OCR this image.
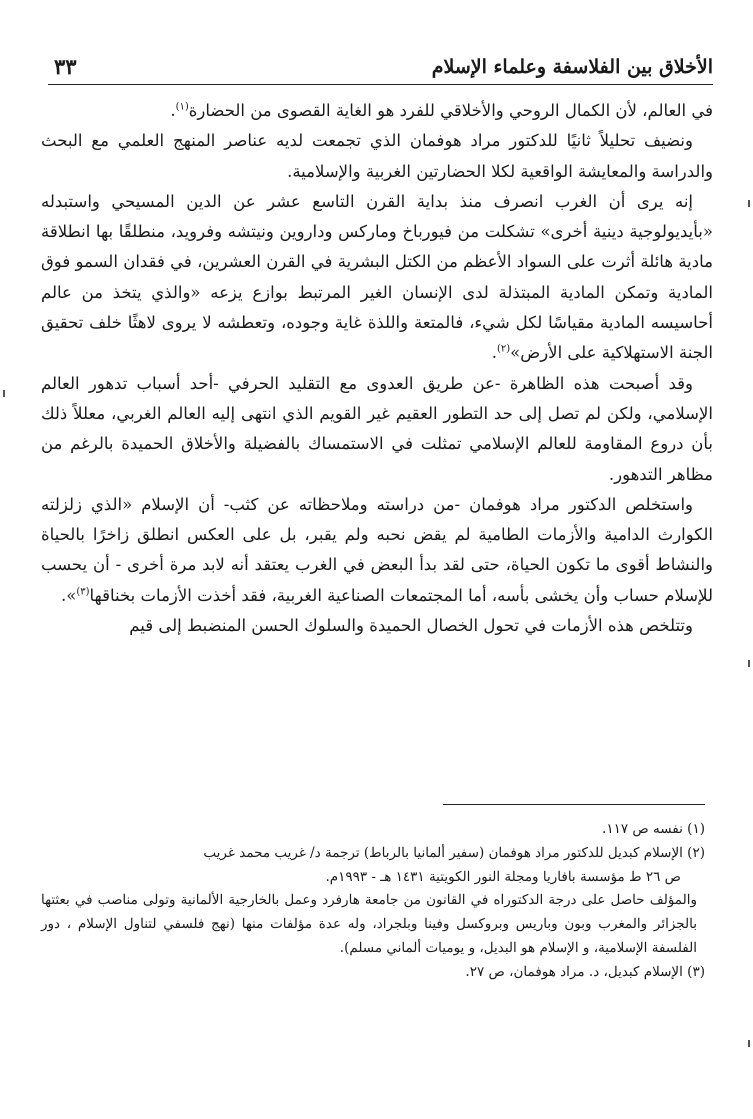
الأخلاق بين الفلاسفة وعلماء الإسلام
٣٣

في العالم، لأن الكمال الروحي والأخلاقي للفرد هو الغاية القصوى من الحضارة$^{(١)}$.

ونضيف تحليلاً ثانيًا للدكتور مراد هوفمان الذي تجمعت لديه عناصر المنهج العلمي مع البحث والدراسة والمعايشة الواقعية لكلا الحضارتين الغربية والإسلامية.

إنه يرى أن الغرب انصرف منذ بداية القرن التاسع عشر عن الدين المسيحي واستبدله «بأيديولوجية دينية أخرى» تشكلت من فيورباخ وماركس وداروين ونيتشه وفرويد، منطلقًا بها انطلاقة مادية هائلة أثرت على السواد الأعظم من الكتل البشرية في القرن العشرين، في فقدان السمو فوق المادية وتمكن المادية المبتذلة لدى الإنسان الغير المرتبط بوازع يزعه «والذي يتخذ من عالم أحاسيسه المادية مقياسًا لكل شيء، فالمتعة واللذة غاية وجوده، وتعطشه لا يروى لاهثًا خلف تحقيق الجنة الاستهلاكية على الأرض»$^{(٢)}$.

وقد أصبحت هذه الظاهرة -عن طريق العدوى مع التقليد الحرفي -أحد أسباب تدهور العالم الإسلامي، ولكن لم تصل إلى حد التطور العقيم غير القويم الذي انتهى إليه العالم الغربي، معللاً ذلك بأن دروع المقاومة للعالم الإسلامي تمثلت في الاستمساك بالفضيلة والأخلاق الحميدة بالرغم من مظاهر التدهور.

واستخلص الدكتور مراد هوفمان -من دراسته وملاحظاته عن كثب- أن الإسلام «الذي زلزلته الكوارث الدامية والأزمات الطامية لم يقض نحبه ولم يقبر، بل على العكس انطلق زاخرًا بالحياة والنشاط أقوى ما تكون الحياة، حتى لقد بدأ البعض في الغرب يعتقد أنه لابد مرة أخرى - أن يحسب للإسلام حساب وأن يخشى بأسه، أما المجتمعات الصناعية الغربية، فقد أخذت الأزمات بخناقها$^{(٣)}$».

وتتلخص هذه الأزمات في تحول الخصال الحميدة والسلوك الحسن المنضبط إلى قيم

(١) نفسه ص ١١٧.

(٢) الإسلام كبديل للدكتور مراد هوفمان (سفير ألمانيا بالرباط) ترجمة د/ غريب محمد غريب

ص ٢٦ ط مؤسسة بافاريا ومجلة النور الكويتية ١٤٣١ هـ - ١٩٩٣م.

والمؤلف حاصل على درجة الدكتوراه في القانون من جامعة هارفرد وعمل بالخارجية الألمانية وتولى مناصب في بعثتها بالجزائر والمغرب وبون وباريس وبروكسل وفينا وبلجراد، وله عدة مؤلفات منها (نهج فلسفي لتناول الإسلام ، دور الفلسفة الإسلامية، و الإسلام هو البديل، و يوميات ألماني مسلم).

(٣) الإسلام كبديل، د. مراد هوفمان، ص ٢٧.
